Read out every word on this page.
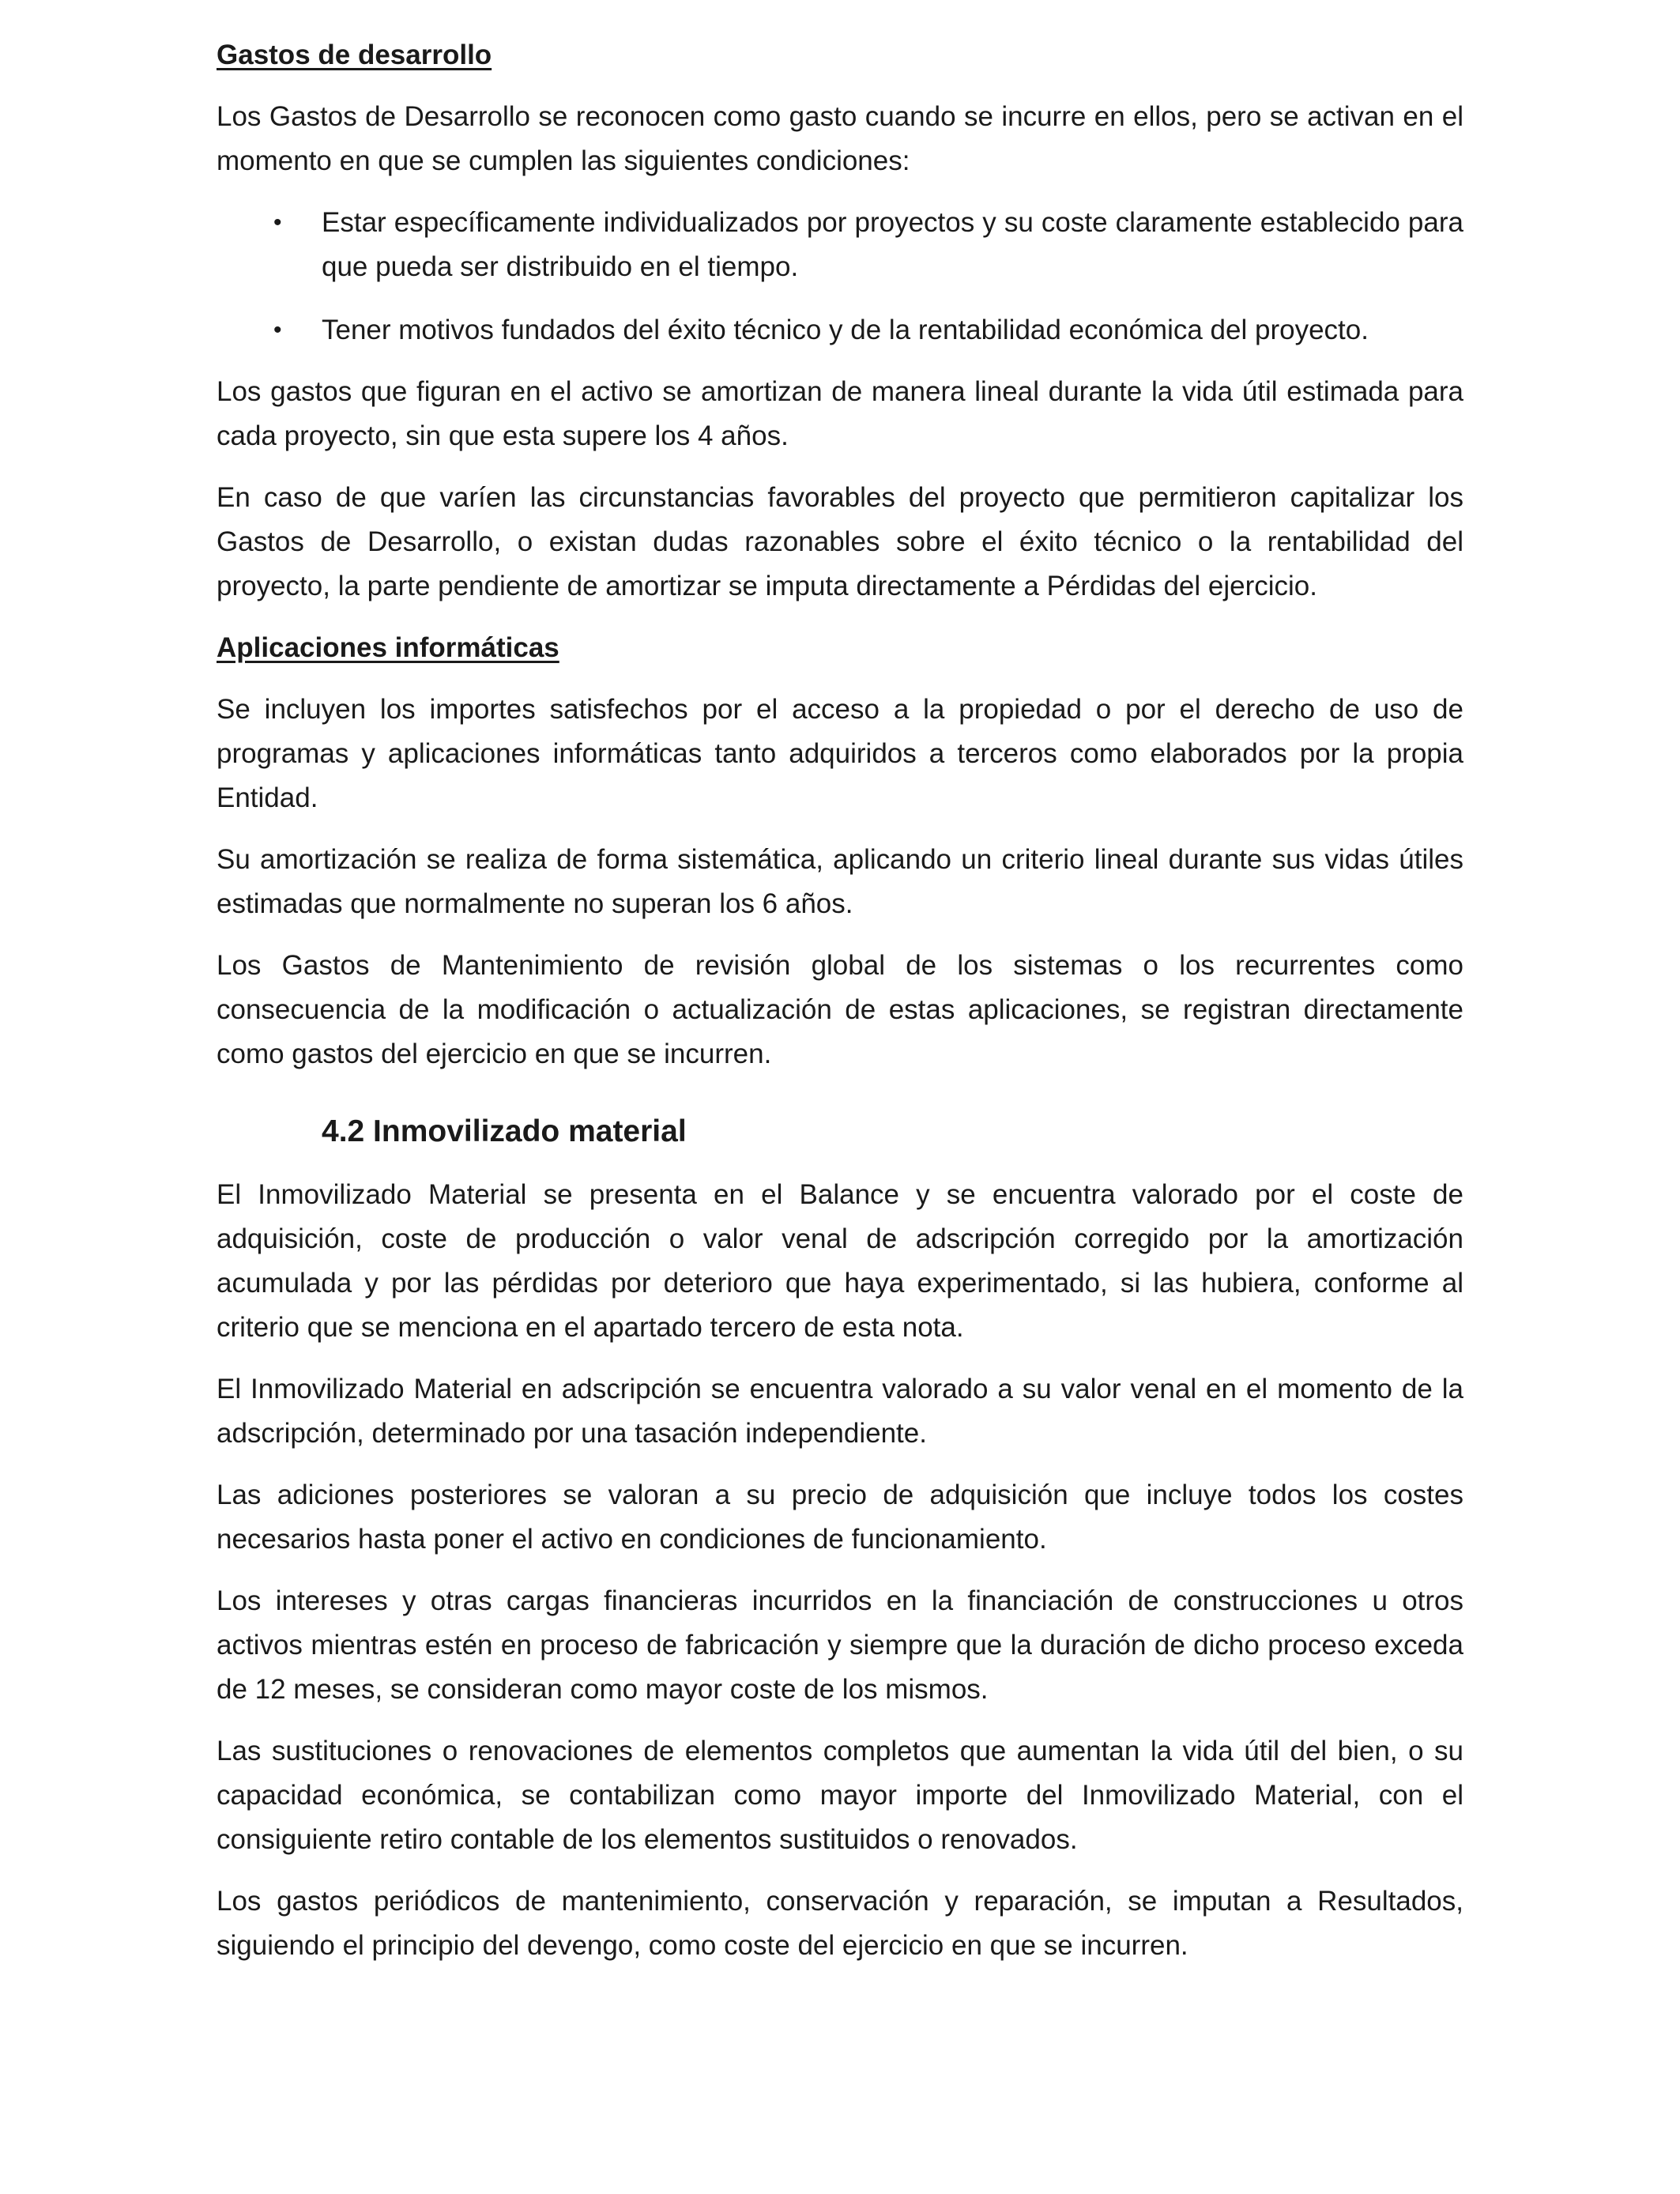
Gastos de desarrollo

Los Gastos de Desarrollo se reconocen como gasto cuando se incurre en ellos, pero se activan en el momento en que se cumplen las siguientes condiciones:

• Estar específicamente individualizados por proyectos y su coste claramente establecido para que pueda ser distribuido en el tiempo.
• Tener motivos fundados del éxito técnico y de la rentabilidad económica del proyecto.

Los gastos que figuran en el activo se amortizan de manera lineal durante la vida útil estimada para cada proyecto, sin que esta supere los 4 años.

En caso de que varíen las circunstancias favorables del proyecto que permitieron capitalizar los Gastos de Desarrollo, o existan dudas razonables sobre el éxito técnico o la rentabilidad del proyecto, la parte pendiente de amortizar se imputa directamente a Pérdidas del ejercicio.

Aplicaciones informáticas

Se incluyen los importes satisfechos por el acceso a la propiedad o por el derecho de uso de programas y aplicaciones informáticas tanto adquiridos a terceros como elaborados por la propia Entidad.

Su amortización se realiza de forma sistemática, aplicando un criterio lineal durante sus vidas útiles estimadas que normalmente no superan los 6 años.

Los Gastos de Mantenimiento de revisión global de los sistemas o los recurrentes como consecuencia de la modificación o actualización de estas aplicaciones, se registran directamente como gastos del ejercicio en que se incurren.

4.2 Inmovilizado material

El Inmovilizado Material se presenta en el Balance y se encuentra valorado por el coste de adquisición, coste de producción o valor venal de adscripción corregido por la amortización acumulada y por las pérdidas por deterioro que haya experimentado, si las hubiera, conforme al criterio que se menciona en el apartado tercero de esta nota.

El Inmovilizado Material en adscripción se encuentra valorado a su valor venal en el momento de la adscripción, determinado por una tasación independiente.

Las adiciones posteriores se valoran a su precio de adquisición que incluye todos los costes necesarios hasta poner el activo en condiciones de funcionamiento.

Los intereses y otras cargas financieras incurridos en la financiación de construcciones u otros activos mientras estén en proceso de fabricación y siempre que la duración de dicho proceso exceda de 12 meses, se consideran como mayor coste de los mismos.

Las sustituciones o renovaciones de elementos completos que aumentan la vida útil del bien, o su capacidad económica, se contabilizan como mayor importe del Inmovilizado Material, con el consiguiente retiro contable de los elementos sustituidos o renovados.

Los gastos periódicos de mantenimiento, conservación y reparación, se imputan a Resultados, siguiendo el principio del devengo, como coste del ejercicio en que se incurren.
